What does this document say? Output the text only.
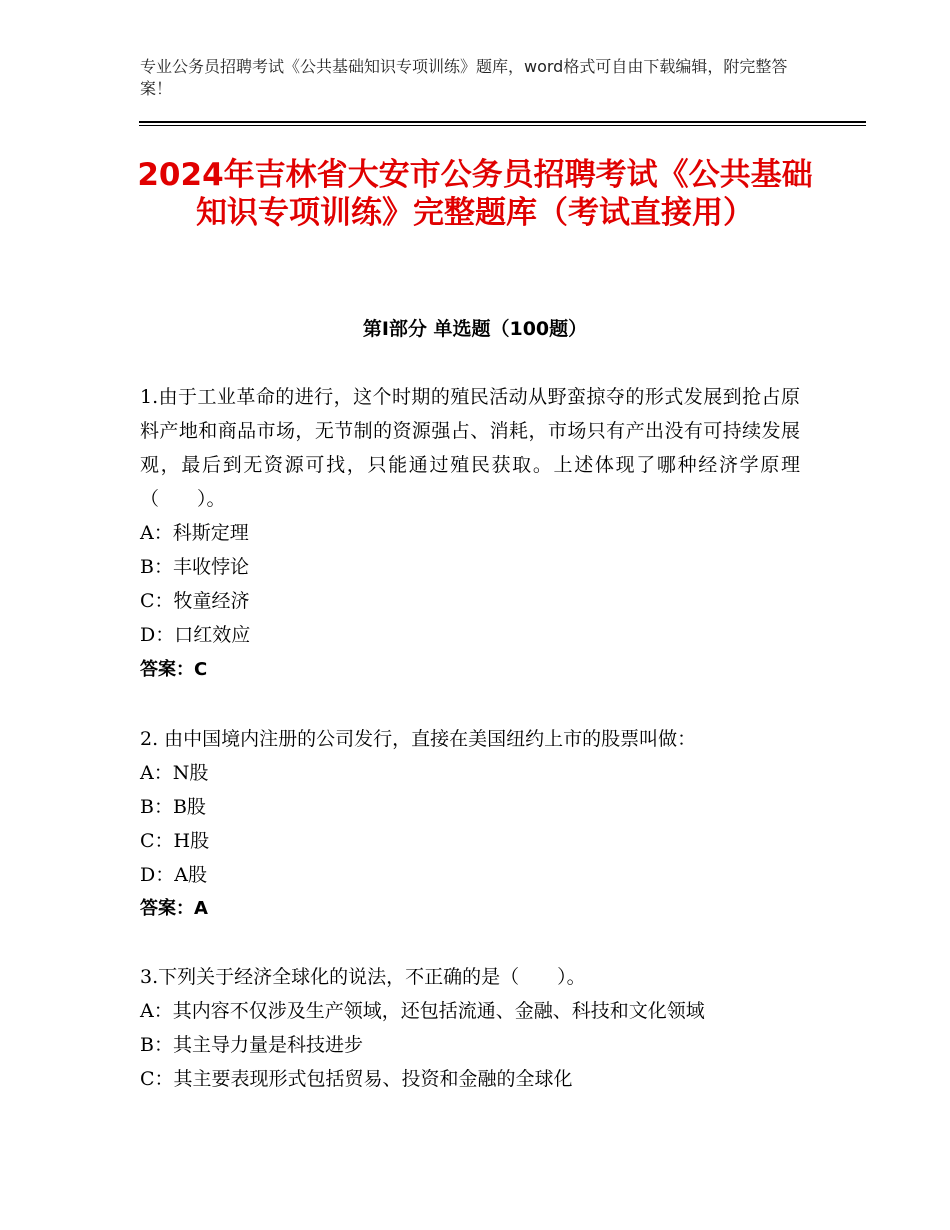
专业公务员招聘考试《公共基础知识专项训练》题库，word格式可自由下载编辑，附完整答案！
2024年吉林省大安市公务员招聘考试《公共基础知识专项训练》完整题库（考试直接用）
第Ⅰ部分 单选题（100题）
1.由于工业革命的进行，这个时期的殖民活动从野蛮掠夺的形式发展到抢占原料产地和商品市场，无节制的资源强占、消耗，市场只有产出没有可持续发展观，最后到无资源可找，只能通过殖民获取。上述体现了哪种经济学原理（　　）。
A：科斯定理
B：丰收悖论
C：牧童经济
D：口红效应
答案：C
2. 由中国境内注册的公司发行，直接在美国纽约上市的股票叫做：
A：N股
B：B股
C：H股
D：A股
答案：A
3.下列关于经济全球化的说法，不正确的是（　　）。
A：其内容不仅涉及生产领域，还包括流通、金融、科技和文化领域
B：其主导力量是科技进步
C：其主要表现形式包括贸易、投资和金融的全球化
